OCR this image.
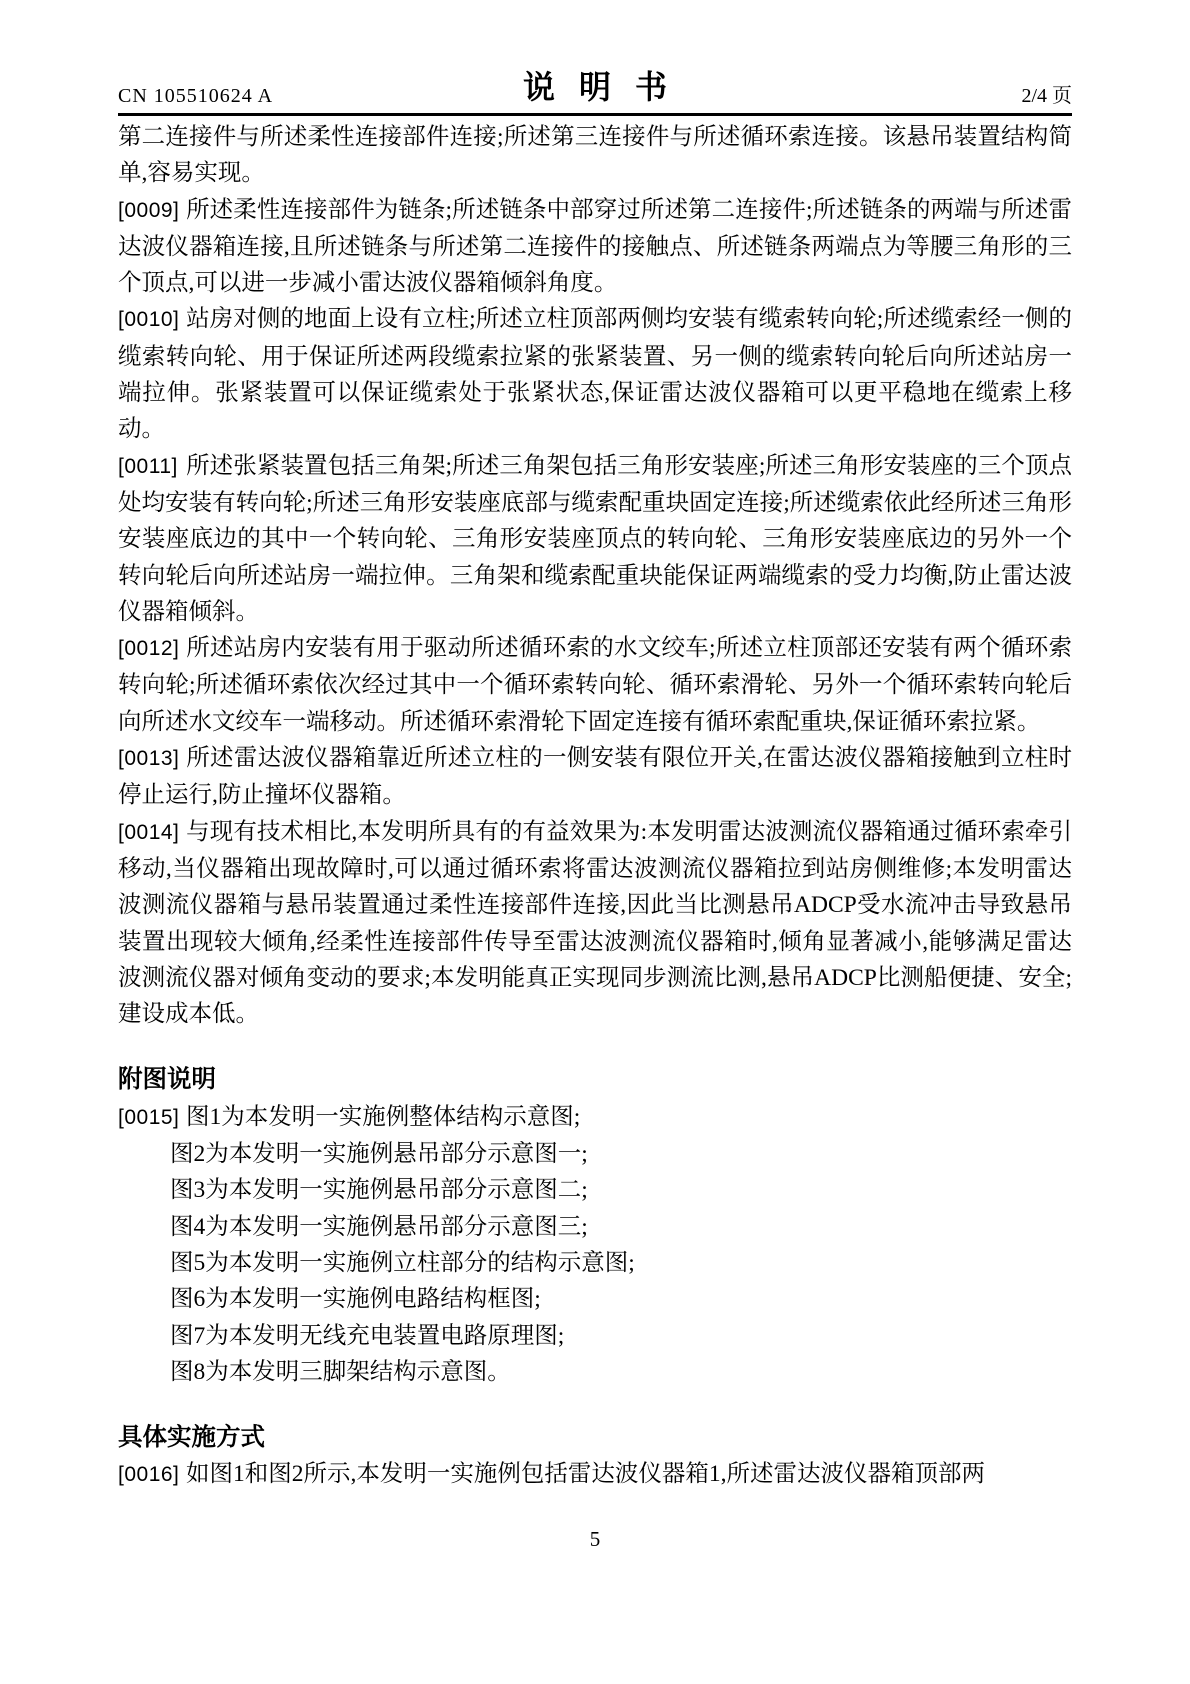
CN 105510624 A	说明书	2/4 页

第二连接件与所述柔性连接部件连接;所述第三连接件与所述循环索连接。该悬吊装置结构简单,容易实现。

[0009] 所述柔性连接部件为链条;所述链条中部穿过所述第二连接件;所述链条的两端与所述雷达波仪器箱连接,且所述链条与所述第二连接件的接触点、所述链条两端点为等腰三角形的三个顶点,可以进一步减小雷达波仪器箱倾斜角度。

[0010] 站房对侧的地面上设有立柱;所述立柱顶部两侧均安装有缆索转向轮;所述缆索经一侧的缆索转向轮、用于保证所述两段缆索拉紧的张紧装置、另一侧的缆索转向轮后向所述站房一端拉伸。张紧装置可以保证缆索处于张紧状态,保证雷达波仪器箱可以更平稳地在缆索上移动。

[0011] 所述张紧装置包括三角架;所述三角架包括三角形安装座;所述三角形安装座的三个顶点处均安装有转向轮;所述三角形安装座底部与缆索配重块固定连接;所述缆索依此经所述三角形安装座底边的其中一个转向轮、三角形安装座顶点的转向轮、三角形安装座底边的另外一个转向轮后向所述站房一端拉伸。三角架和缆索配重块能保证两端缆索的受力均衡,防止雷达波仪器箱倾斜。

[0012] 所述站房内安装有用于驱动所述循环索的水文绞车;所述立柱顶部还安装有两个循环索转向轮;所述循环索依次经过其中一个循环索转向轮、循环索滑轮、另外一个循环索转向轮后向所述水文绞车一端移动。所述循环索滑轮下固定连接有循环索配重块,保证循环索拉紧。

[0013] 所述雷达波仪器箱靠近所述立柱的一侧安装有限位开关,在雷达波仪器箱接触到立柱时停止运行,防止撞坏仪器箱。

[0014] 与现有技术相比,本发明所具有的有益效果为:本发明雷达波测流仪器箱通过循环索牵引移动,当仪器箱出现故障时,可以通过循环索将雷达波测流仪器箱拉到站房侧维修;本发明雷达波测流仪器箱与悬吊装置通过柔性连接部件连接,因此当比测悬吊ADCP受水流冲击导致悬吊装置出现较大倾角,经柔性连接部件传导至雷达波测流仪器箱时,倾角显著减小,能够满足雷达波测流仪器对倾角变动的要求;本发明能真正实现同步测流比测,悬吊ADCP比测船便捷、安全;建设成本低。

附图说明

[0015] 图1为本发明一实施例整体结构示意图;

图2为本发明一实施例悬吊部分示意图一;
图3为本发明一实施例悬吊部分示意图二;
图4为本发明一实施例悬吊部分示意图三;
图5为本发明一实施例立柱部分的结构示意图;
图6为本发明一实施例电路结构框图;
图7为本发明无线充电装置电路原理图;
图8为本发明三脚架结构示意图。
具体实施方式

[0016] 如图1和图2所示,本发明一实施例包括雷达波仪器箱1,所述雷达波仪器箱顶部两

5
